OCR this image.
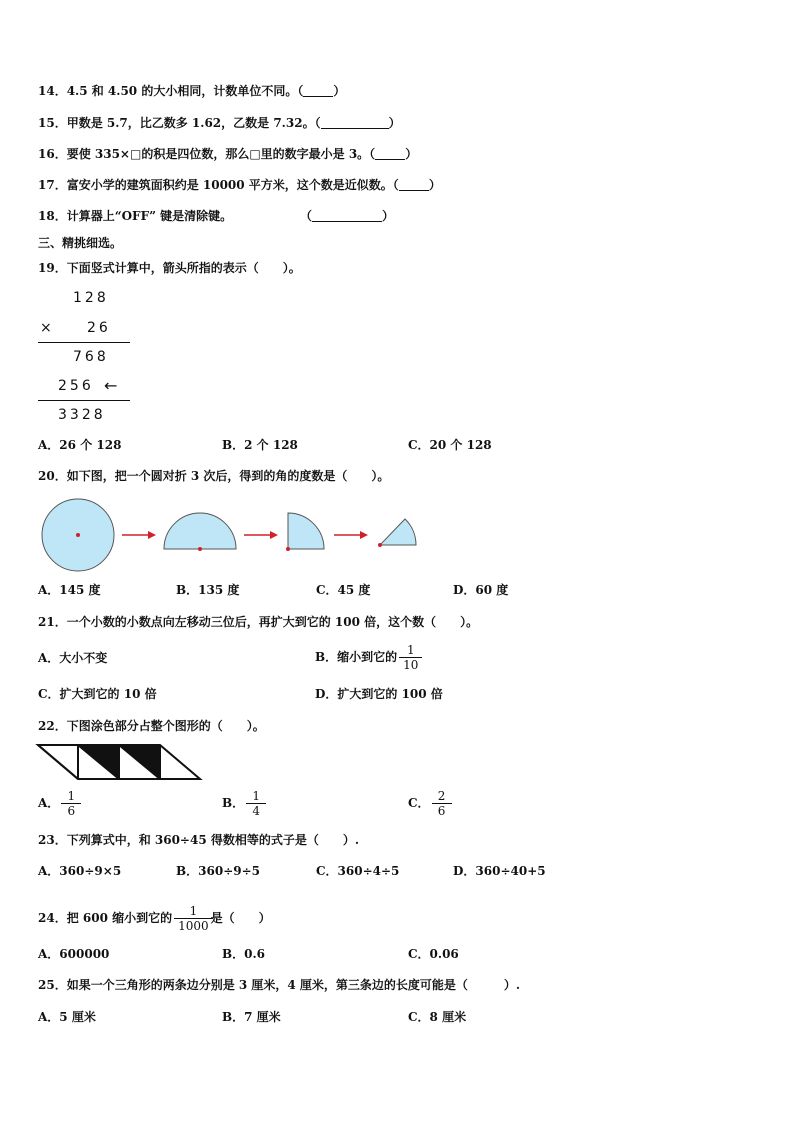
14．4.5 和 4.50 的大小相同，计数单位不同。（	）
15．甲数是 5.7，比乙数多 1.62，乙数是 7.32。（	）
16．要使 335×□的积是四位数，那么□里的数字最小是 3。（	）
17．富安小学的建筑面积约是 10000 平方米，这个数是近似数。（	）
18．计算器上“OFF” 键是清除键。	（	）
三、精挑细选。
19．下面竖式计算中，箭头所指的表示（　　）。
128
×	26
768
256 ←
3328
A．26 个 128	B．2 个 128	C．20 个 128
20．如下图，把一个圆对折 3 次后，得到的角的度数是（　　）。
A．145 度	B．135 度	C．45 度	D．60 度
21．一个小数的小数点向左移动三位后，再扩大到它的 100 倍，这个数（　　）。
A．大小不变	B．缩小到它的 $\frac{1}{10}$
C．扩大到它的 10 倍	D．扩大到它的 100 倍
22．下图涂色部分占整个图形的（　　）。
A． $\frac{1}{6}$	B． $\frac{1}{4}$	C． $\frac{2}{6}$
23．下列算式中，和 360÷45 得数相等的式子是（　　）.
A．360÷9×5	B．360÷9÷5	C．360÷4÷5	D．360÷40+5
24．把 600 缩小到它的 $\frac{1}{1000}$ 是（　　）
A．600000	B．0.6	C．0.06
25．如果一个三角形的两条边分别是 3 厘米，4 厘米，第三条边的长度可能是（　　　）.
A．5 厘米	B．7 厘米	C．8 厘米
